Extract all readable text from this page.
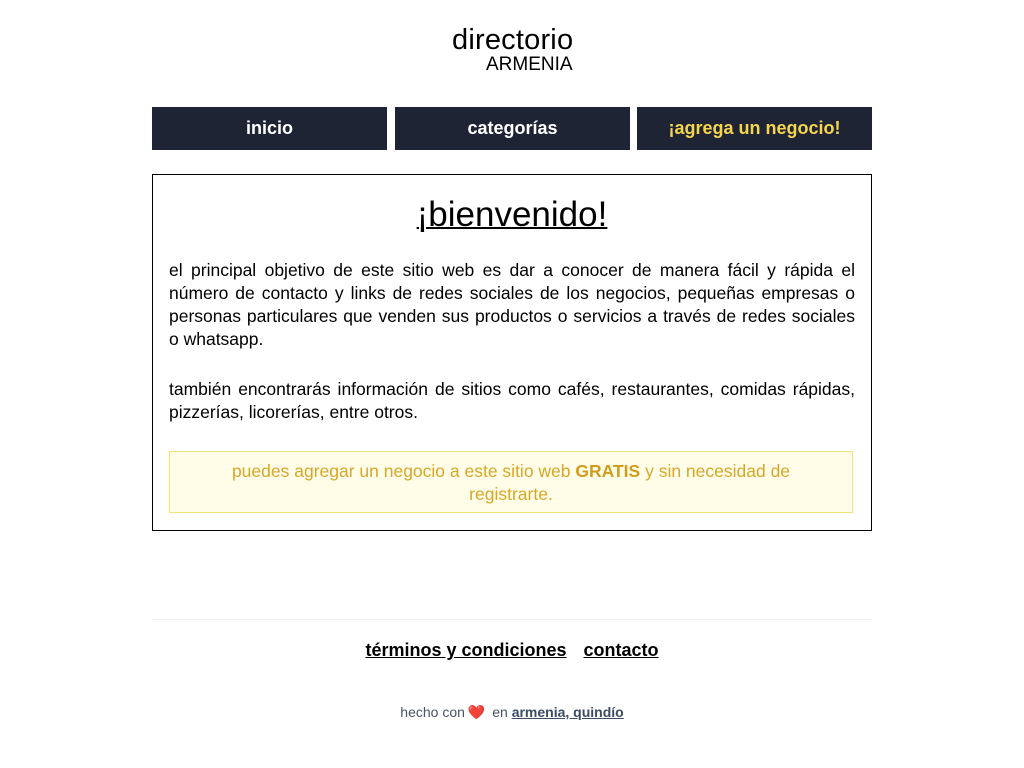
directorio
ARMENIA
inicio	categorías	¡agrega un negocio!
¡bienvenido!

el principal objetivo de este sitio web es dar a conocer de manera fácil y rápida el número de contacto y links de redes sociales de los negocios, pequeñas empresas o personas particulares que venden sus productos o servicios a través de redes sociales o whatsapp.

también encontrarás información de sitios como cafés, restaurantes, comidas rápidas, pizzerías, licorerías, entre otros.

puedes agregar un negocio a este sitio web GRATIS y sin necesidad de registrarte.
términos y condiciones contacto
hecho con ❤️ en armenia, quindío
